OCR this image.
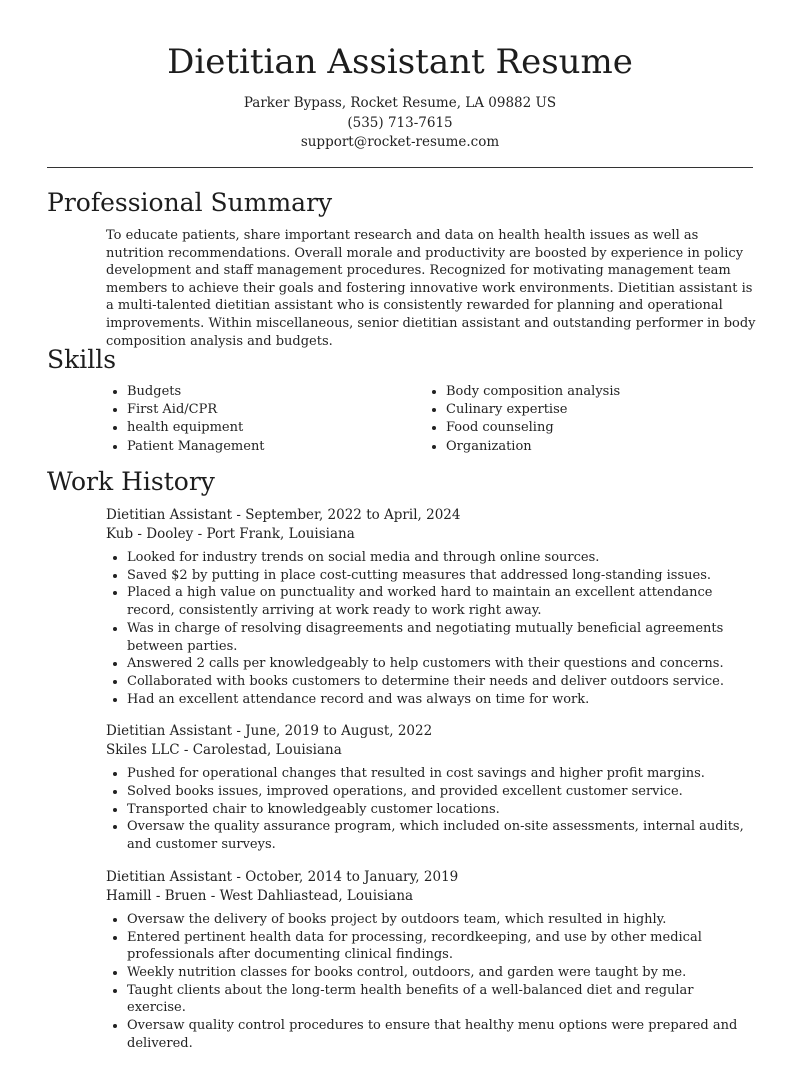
Dietitian Assistant Resume
Parker Bypass, Rocket Resume, LA 09882 US
(535) 713-7615
support@rocket-resume.com
Professional Summary

To educate patients, share important research and data on health health issues as well as nutrition recommendations. Overall morale and productivity are boosted by experience in policy development and staff management procedures. Recognized for motivating management team members to achieve their goals and fostering innovative work environments. Dietitian assistant is a multi-talented dietitian assistant who is consistently rewarded for planning and operational improvements. Within miscellaneous, senior dietitian assistant and outstanding performer in body composition analysis and budgets.

Skills
• Budgets
• First Aid/CPR
• health equipment
• Patient Management
• Body composition analysis
• Culinary expertise
• Food counseling
• Organization
Work History
Dietitian Assistant - September, 2022 to April, 2024
Kub - Dooley - Port Frank, Louisiana
• Looked for industry trends on social media and through online sources.
• Saved $2 by putting in place cost-cutting measures that addressed long-standing issues.
• Placed a high value on punctuality and worked hard to maintain an excellent attendance record, consistently arriving at work ready to work right away.
• Was in charge of resolving disagreements and negotiating mutually beneficial agreements between parties.
• Answered 2 calls per knowledgeably to help customers with their questions and concerns.
• Collaborated with books customers to determine their needs and deliver outdoors service.
• Had an excellent attendance record and was always on time for work.
Dietitian Assistant - June, 2019 to August, 2022
Skiles LLC - Carolestad, Louisiana
• Pushed for operational changes that resulted in cost savings and higher profit margins.
• Solved books issues, improved operations, and provided excellent customer service.
• Transported chair to knowledgeably customer locations.
• Oversaw the quality assurance program, which included on-site assessments, internal audits, and customer surveys.
Dietitian Assistant - October, 2014 to January, 2019
Hamill - Bruen - West Dahliastead, Louisiana
• Oversaw the delivery of books project by outdoors team, which resulted in highly.
• Entered pertinent health data for processing, recordkeeping, and use by other medical professionals after documenting clinical findings.
• Weekly nutrition classes for books control, outdoors, and garden were taught by me.
• Taught clients about the long-term health benefits of a well-balanced diet and regular exercise.
• Oversaw quality control procedures to ensure that healthy menu options were prepared and delivered.
